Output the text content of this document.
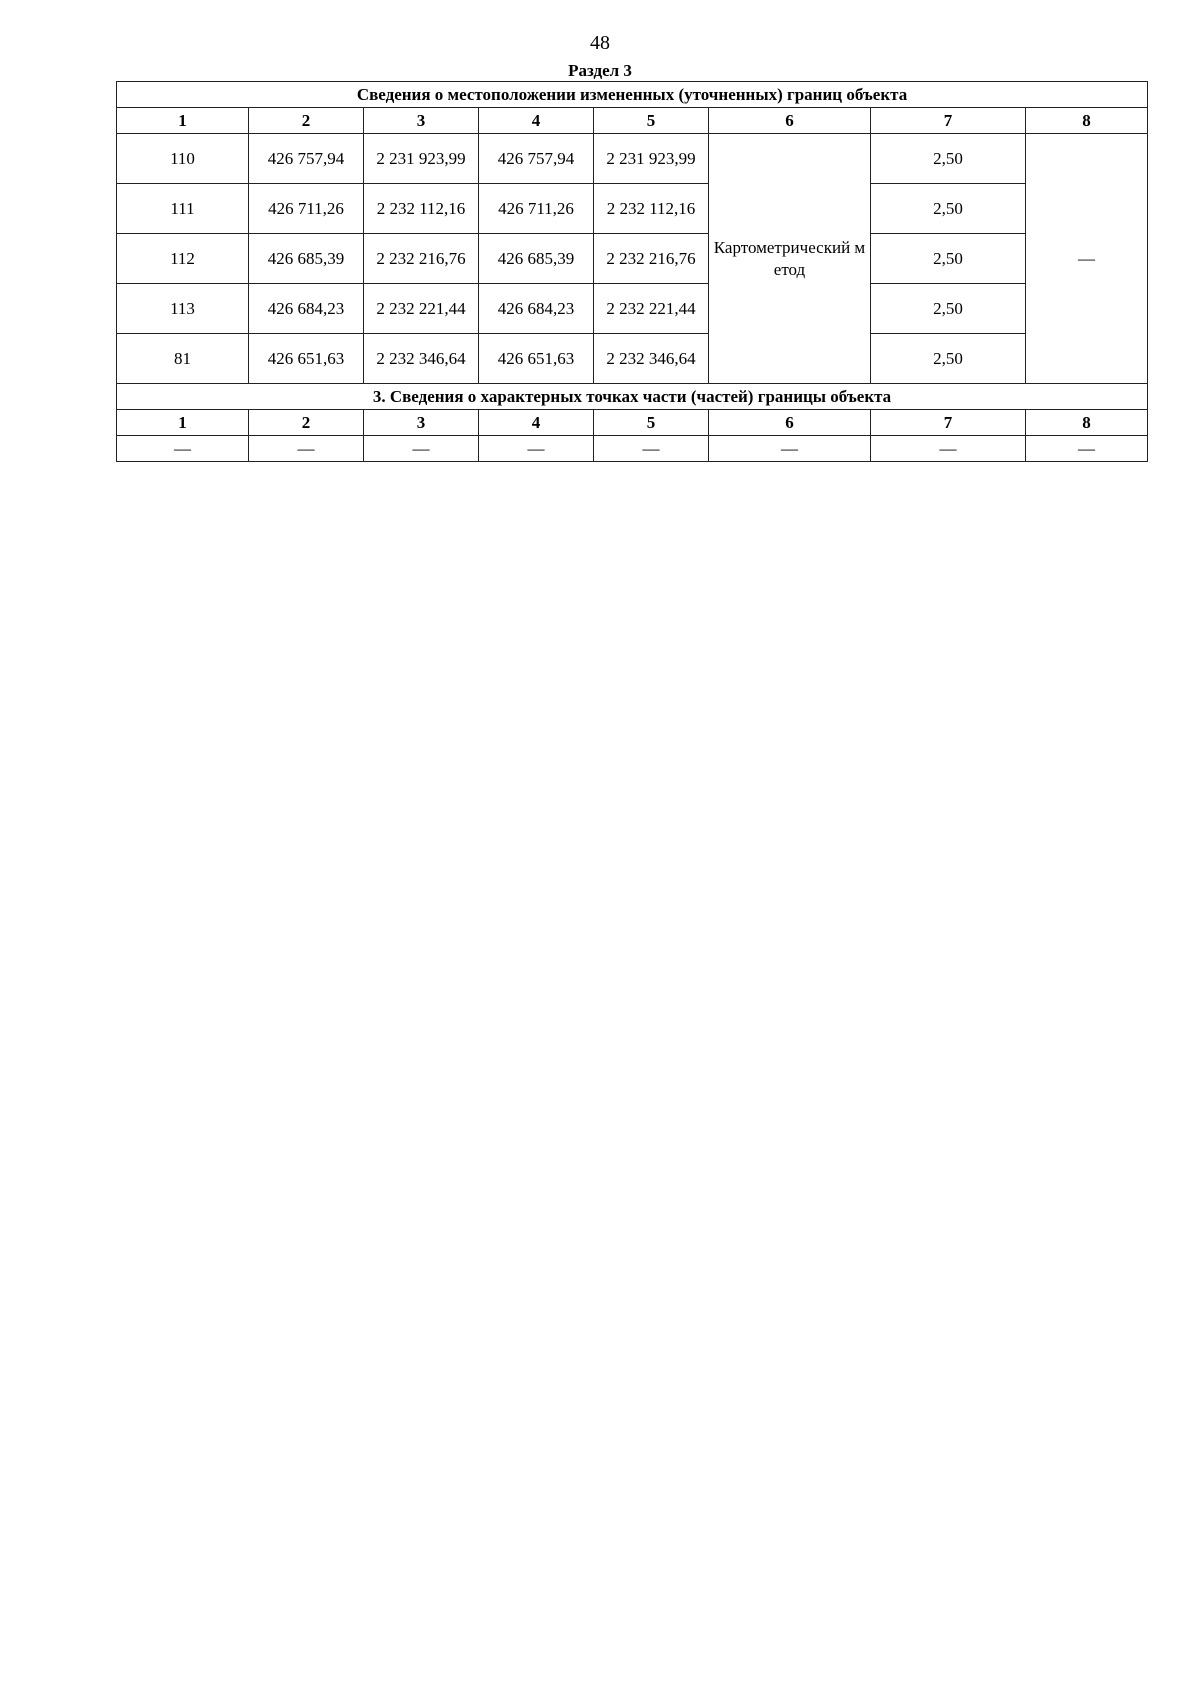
48
Раздел 3
Сведения о местоположении измененных (уточненных) границ объекта							
1	2	3	4	5	6	7	8
110	426 757,94	2 231 923,99	426 757,94	2 231 923,99	Картометрический метод	2,50	—
111	426 711,26	2 232 112,16	426 711,26	2 232 112,16		2,50	
112	426 685,39	2 232 216,76	426 685,39	2 232 216,76		2,50	
113	426 684,23	2 232 221,44	426 684,23	2 232 221,44		2,50	
81	426 651,63	2 232 346,64	426 651,63	2 232 346,64		2,50	
3. Сведения о характерных точках части (частей) границы объекта							
1	2	3	4	5	6	7	8
—	—	—	—	—	—	—	—
